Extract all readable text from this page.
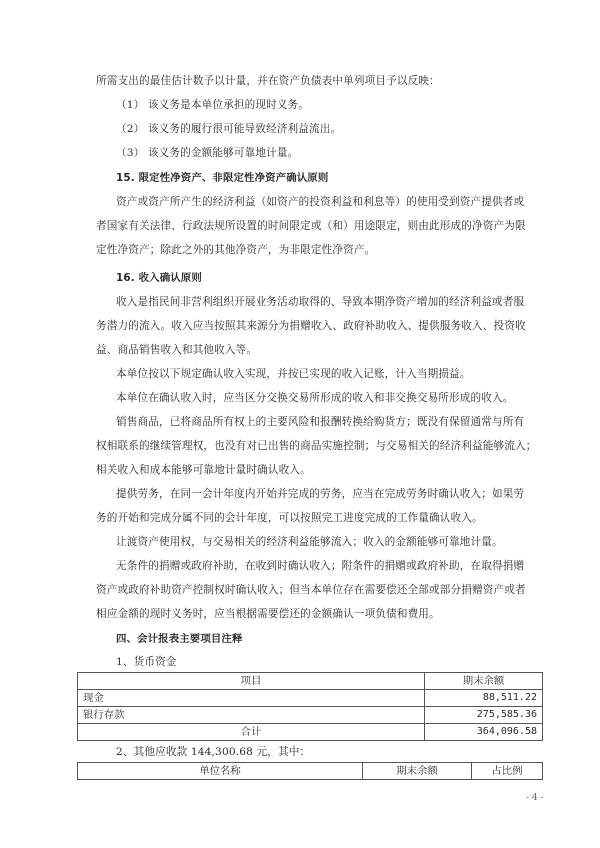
所需支出的最佳估计数予以计量，并在资产负债表中单列项目予以反映：
（1） 该义务是本单位承担的现时义务。
（2） 该义务的履行很可能导致经济利益流出。
（3） 该义务的金额能够可靠地计量。
15. 限定性净资产、非限定性净资产确认原则
资产或资产所产生的经济利益（如资产的投资利益和利息等）的使用受到资产提供者或
者国家有关法律、行政法规所设置的时间限定或（和）用途限定，则由此形成的净资产为限
定性净资产；除此之外的其他净资产，为非限定性净资产。
16. 收入确认原则
收入是指民间非营利组织开展业务活动取得的、导致本期净资产增加的经济利益或者服
务潜力的流入。收入应当按照其来源分为捐赠收入、政府补助收入、提供服务收入、投资收
益、商品销售收入和其他收入等。
本单位按以下规定确认收入实现，并按已实现的收入记账，计入当期损益。
本单位在确认收入时，应当区分交换交易所形成的收入和非交换交易所形成的收入。
销售商品，已将商品所有权上的主要风险和报酬转换给购货方；既没有保留通常与所有
权相联系的继续管理权，也没有对已出售的商品实施控制；与交易相关的经济利益能够流入；
相关收入和成本能够可靠地计量时确认收入。
提供劳务，在同一会计年度内开始并完成的劳务，应当在完成劳务时确认收入；如果劳
务的开始和完成分属不同的会计年度，可以按照完工进度完成的工作量确认收入。
让渡资产使用权，与交易相关的经济利益能够流入；收入的金额能够可靠地计量。
无条件的捐赠或政府补助，在收到时确认收入；附条件的捐赠或政府补助，在取得捐赠
资产或政府补助资产控制权时确认收入；但当本单位存在需要偿还全部或部分捐赠资产或者
相应金额的现时义务时，应当根据需要偿还的金额确认一项负债和费用。
四、会计报表主要项目注释
1、货币资金
项目	期末余额
现金	88,511.22
银行存款	275,585.36
合计	364,096.58
2、其他应收款 144,300.68 元，其中：
单位名称	期末余额	占比例
- 4 -
